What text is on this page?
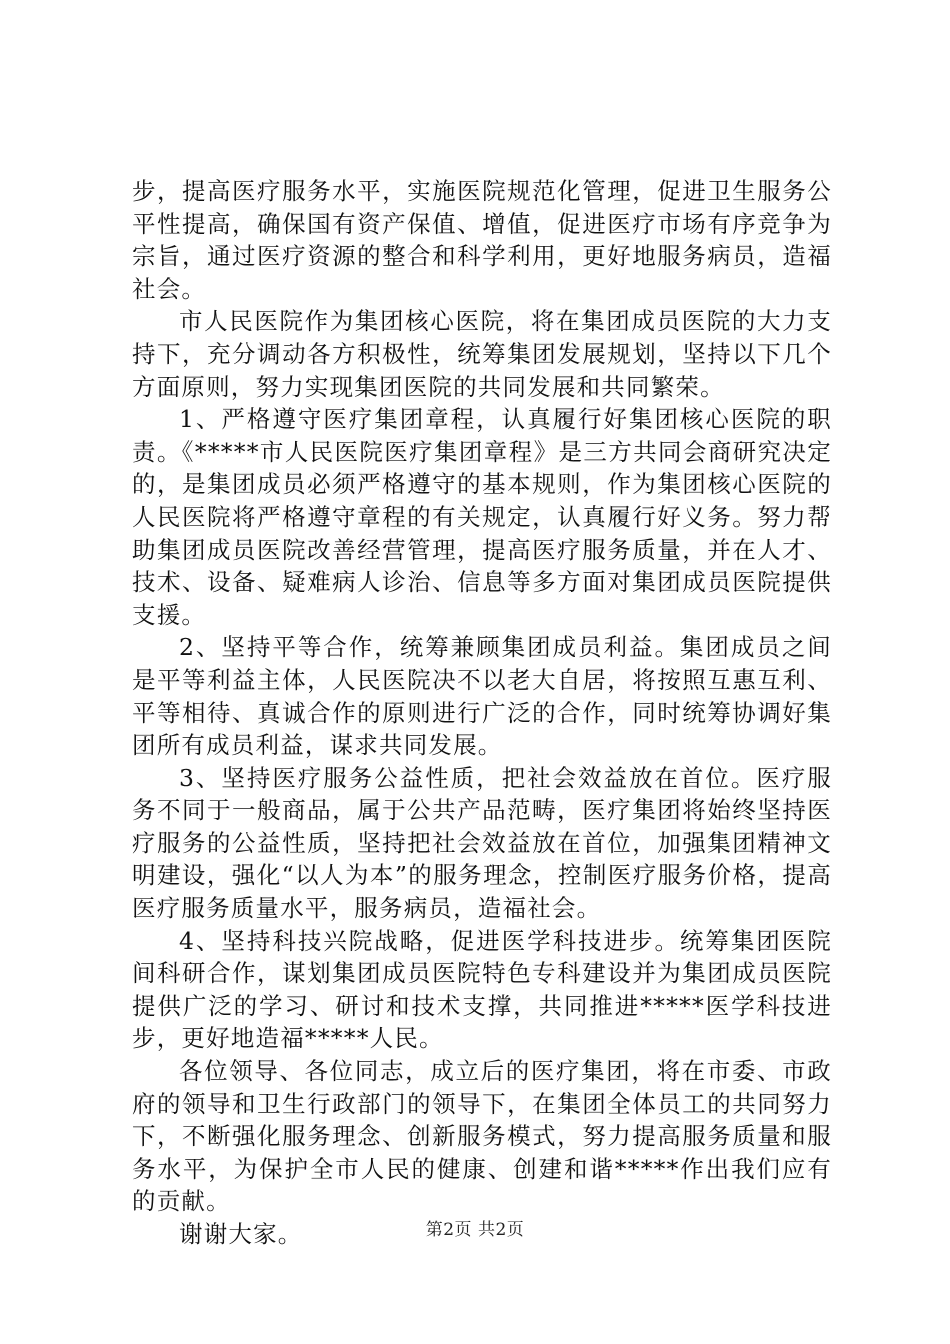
步，提高医疗服务水平，实施医院规范化管理，促进卫生服务公平性提高，确保国有资产保值、增值，促进医疗市场有序竞争为宗旨，通过医疗资源的整合和科学利用，更好地服务病员，造福社会。

市人民医院作为集团核心医院，将在集团成员医院的大力支持下，充分调动各方积极性，统筹集团发展规划，坚持以下几个方面原则，努力实现集团医院的共同发展和共同繁荣。

1、严格遵守医疗集团章程，认真履行好集团核心医院的职责。《*****市人民医院医疗集团章程》是三方共同会商研究决定的，是集团成员必须严格遵守的基本规则，作为集团核心医院的人民医院将严格遵守章程的有关规定，认真履行好义务。努力帮助集团成员医院改善经营管理，提高医疗服务质量，并在人才、技术、设备、疑难病人诊治、信息等多方面对集团成员医院提供支援。

2、坚持平等合作，统筹兼顾集团成员利益。集团成员之间是平等利益主体，人民医院决不以老大自居，将按照互惠互利、平等相待、真诚合作的原则进行广泛的合作，同时统筹协调好集团所有成员利益，谋求共同发展。

3、坚持医疗服务公益性质，把社会效益放在首位。医疗服务不同于一般商品，属于公共产品范畴，医疗集团将始终坚持医疗服务的公益性质，坚持把社会效益放在首位，加强集团精神文明建设，强化“以人为本”的服务理念，控制医疗服务价格，提高医疗服务质量水平，服务病员，造福社会。

4、坚持科技兴院战略，促进医学科技进步。统筹集团医院间科研合作，谋划集团成员医院特色专科建设并为集团成员医院提供广泛的学习、研讨和技术支撑，共同推进*****医学科技进步，更好地造福*****人民。

各位领导、各位同志，成立后的医疗集团，将在市委、市政府的领导和卫生行政部门的领导下，在集团全体员工的共同努力下，不断强化服务理念、创新服务模式，努力提高服务质量和服务水平，为保护全市人民的健康、创建和谐*****作出我们应有的贡献。

谢谢大家。	第2页 共2页
